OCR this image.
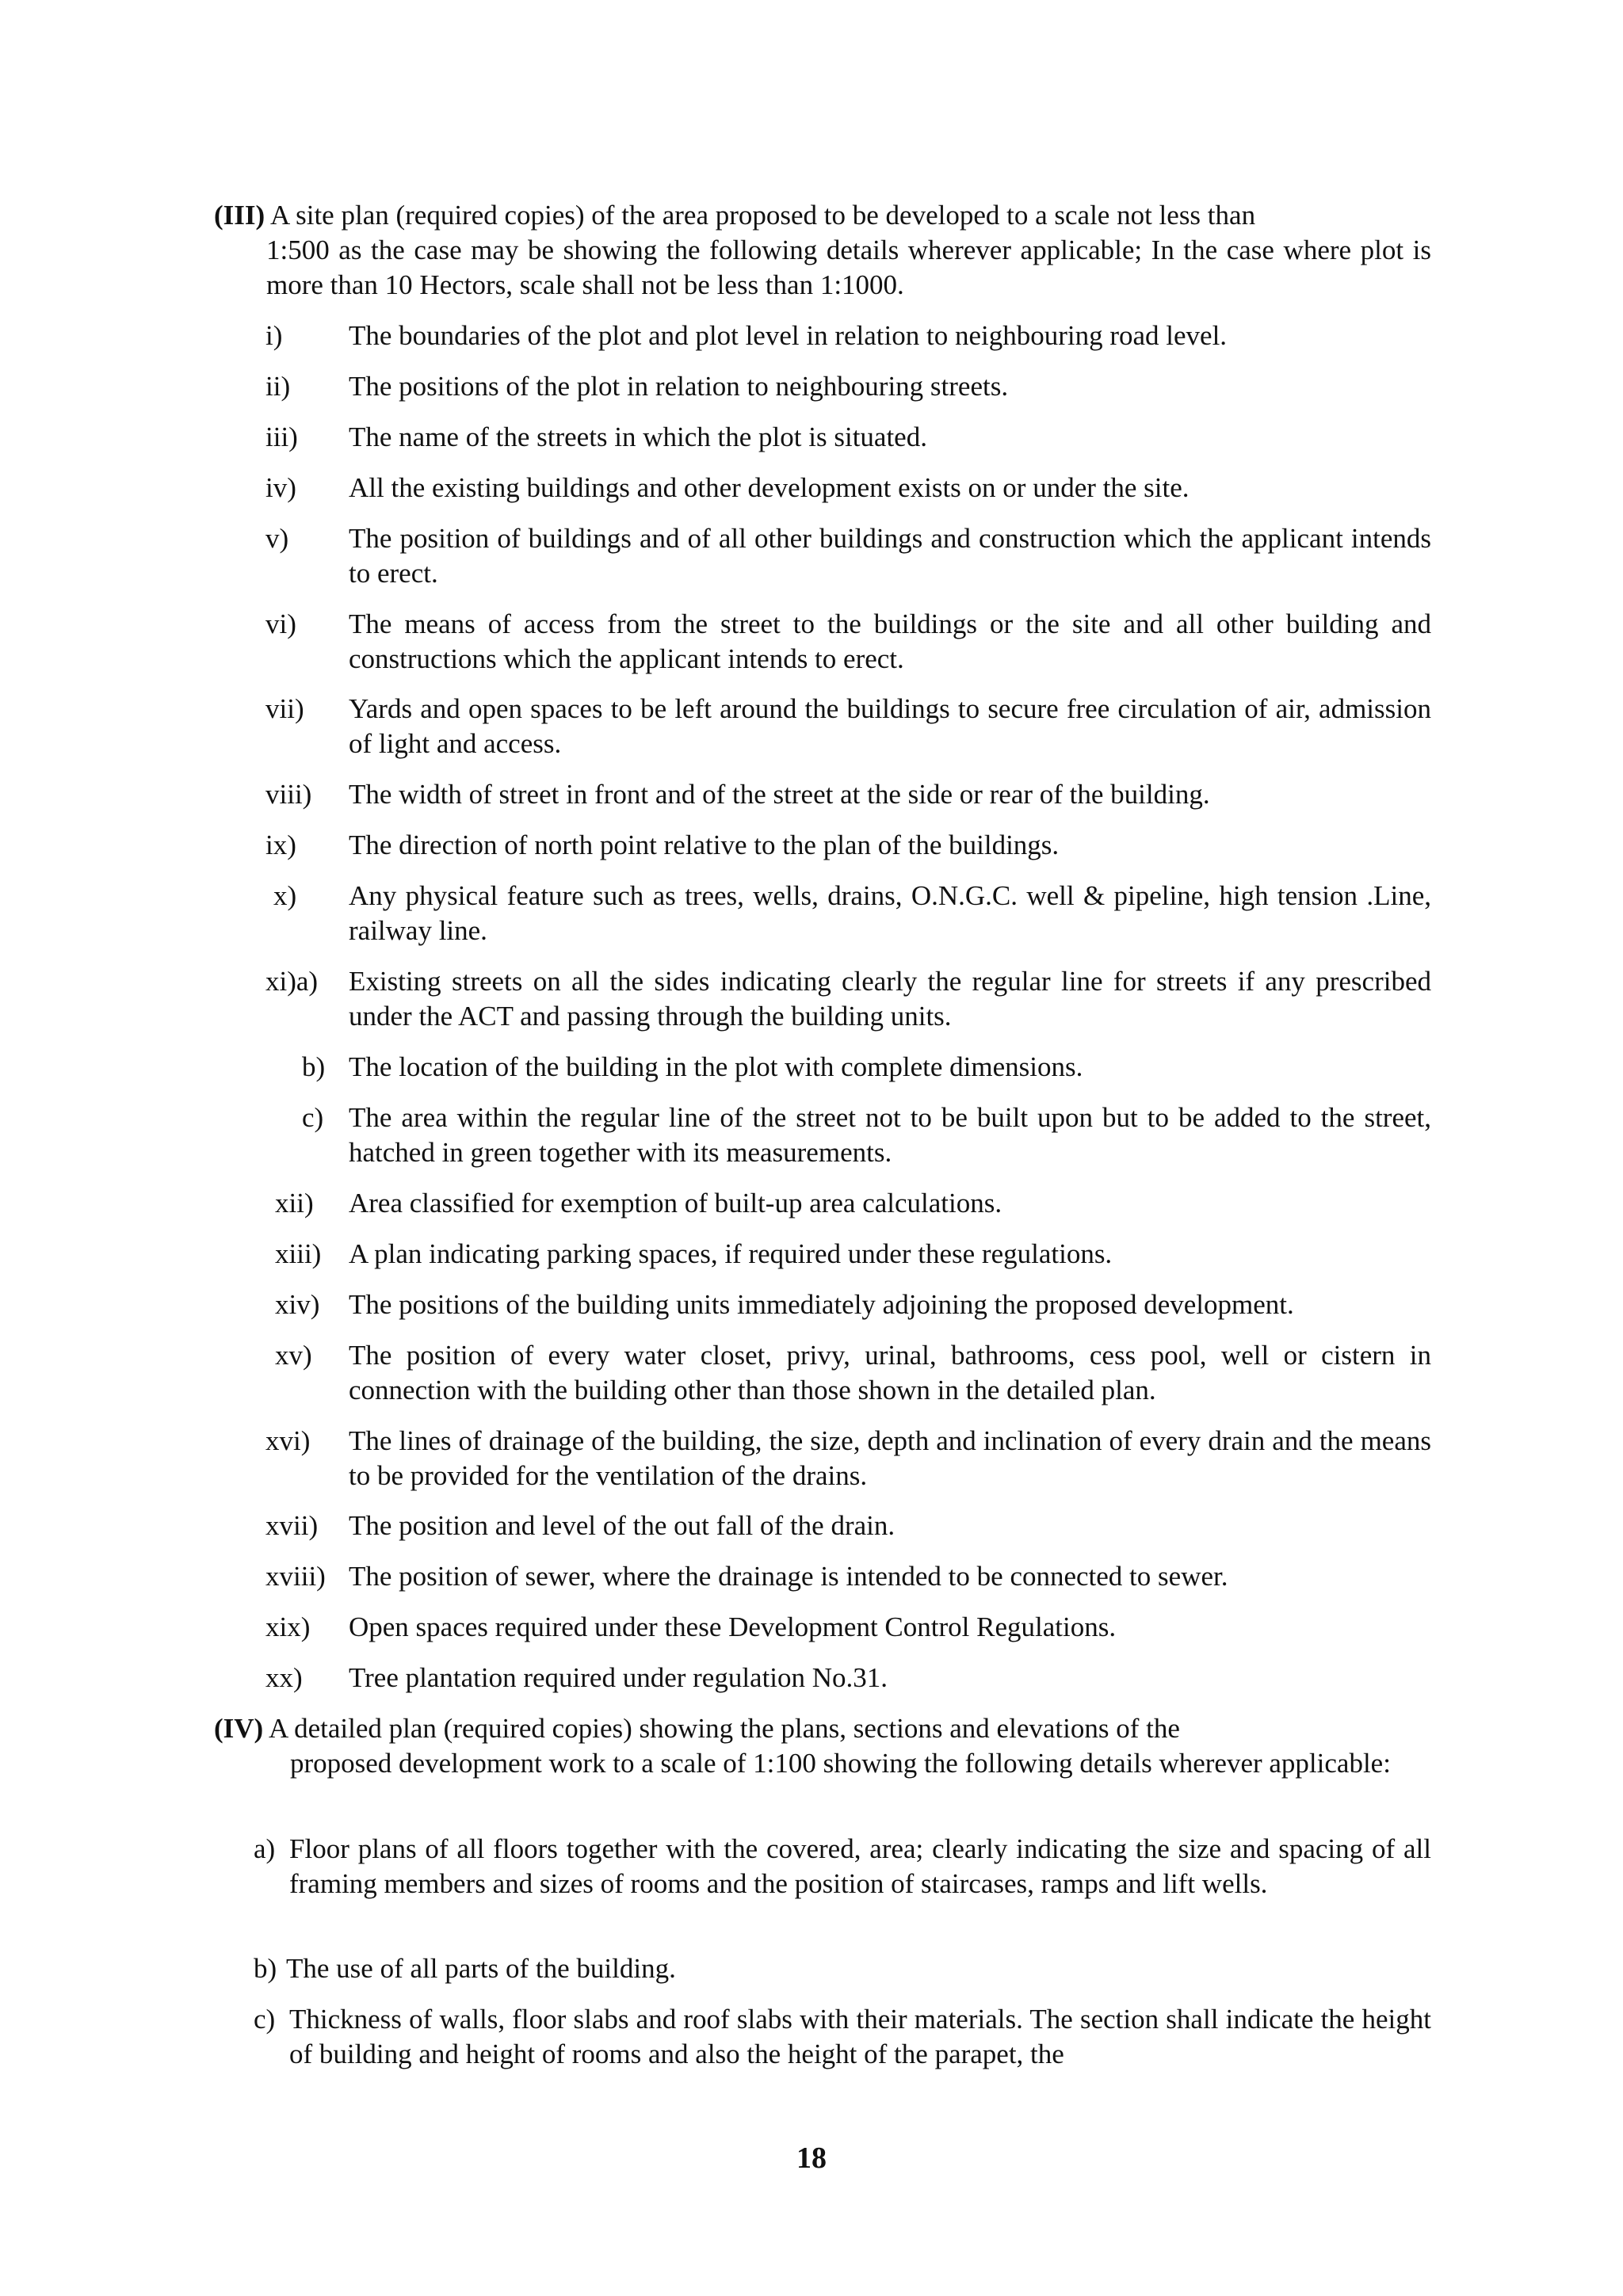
(III) A site plan (required copies) of the area proposed to be developed to a scale not less than
1:500 as the case may be showing the following details wherever applicable; In the case where plot is more than 10 Hectors, scale shall not be less than 1:1000.
i) The boundaries of the plot and plot level in relation to neighbouring road level.
ii) The positions of the plot in relation to neighbouring streets.
iii) The name of the streets in which the plot is situated.
iv) All the existing buildings and other development exists on or under the site.
v) The position of buildings and of all other buildings and construction which the applicant intends to erect.
vi) The means of access from the street to the buildings or the site and all other building and constructions which the applicant intends to erect.
vii) Yards and open spaces to be left around the buildings to secure free circulation of air, admission of light and access.
viii) The width of street in front and of the street at the side or rear of the building.
ix) The direction of north point relative to the plan of the buildings.
x) Any physical feature such as trees, wells, drains, O.N.G.C. well & pipeline, high tension .Line, railway line.
xi)a) Existing streets on all the sides indicating clearly the regular line for streets if any prescribed under the ACT and passing through the building units.
b) The location of the building in the plot with complete dimensions.
c) The area within the regular line of the street not to be built upon but to be added to the street, hatched in green together with its measurements.
xii) Area classified for exemption of built-up area calculations.
xiii) A plan indicating parking spaces, if required under these regulations.
xiv) The positions of the building units immediately adjoining the proposed development.
xv) The position of every water closet, privy, urinal, bathrooms, cess pool, well or cistern in connection with the building other than those shown in the detailed plan.
xvi) The lines of drainage of the building, the size, depth and inclination of every drain and the means to be provided for the ventilation of the drains.
xvii) The position and level of the out fall of the drain.
xviii) The position of sewer, where the drainage is intended to be connected to sewer.
xix) Open spaces required under these Development Control Regulations.
xx) Tree plantation required under regulation No.31.
(IV) A detailed plan (required copies) showing the plans, sections and elevations of the
proposed development work to a scale of 1:100 showing the following details wherever applicable:
a) Floor plans of all floors together with the covered, area; clearly indicating the size and spacing of all framing members and sizes of rooms and the position of staircases, ramps and lift wells.
b) The use of all parts of the building.
c) Thickness of walls, floor slabs and roof slabs with their materials. The section shall indicate the height of building and height of rooms and also the height of the parapet, the
18
